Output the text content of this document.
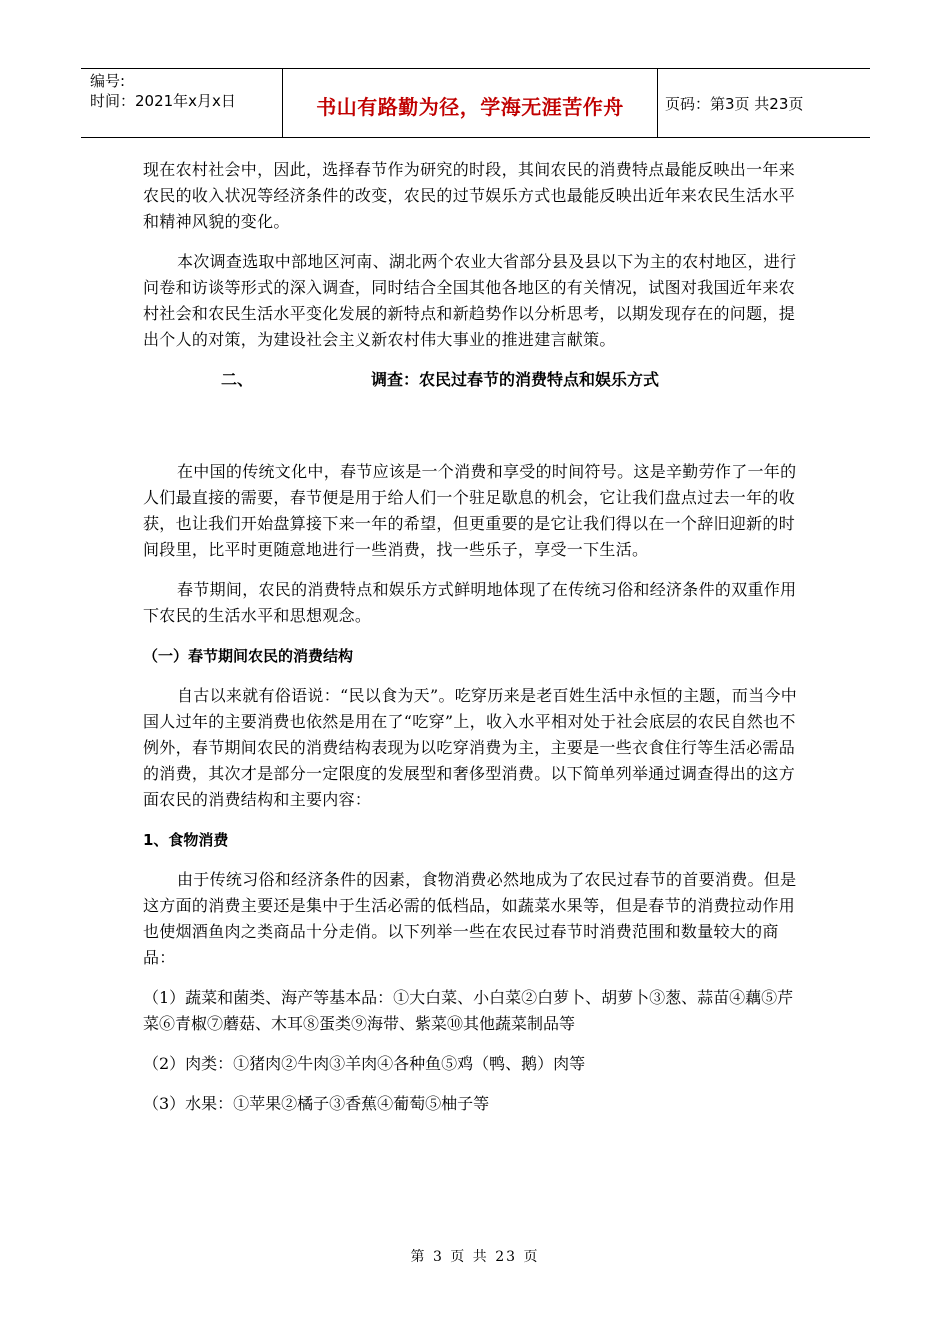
编号:
时间：2021年x月x日	书山有路勤为径，学海无涯苦作舟	页码：第3页 共23页

现在农村社会中，因此，选择春节作为研究的时段，其间农民的消费特点最能反映出一年来农民的收入状况等经济条件的改变，农民的过节娱乐方式也最能反映出近年来农民生活水平和精神风貌的变化。

本次调查选取中部地区河南、湖北两个农业大省部分县及县以下为主的农村地区，进行问卷和访谈等形式的深入调查，同时结合全国其他各地区的有关情况，试图对我国近年来农村社会和农民生活水平变化发展的新特点和新趋势作以分析思考，以期发现存在的问题，提出个人的对策，为建设社会主义新农村伟大事业的推进建言献策。

二、	调查：农民过春节的消费特点和娱乐方式

在中国的传统文化中，春节应该是一个消费和享受的时间符号。这是辛勤劳作了一年的人们最直接的需要，春节便是用于给人们一个驻足歇息的机会，它让我们盘点过去一年的收获，也让我们开始盘算接下来一年的希望，但更重要的是它让我们得以在一个辞旧迎新的时间段里，比平时更随意地进行一些消费，找一些乐子，享受一下生活。

春节期间，农民的消费特点和娱乐方式鲜明地体现了在传统习俗和经济条件的双重作用下农民的生活水平和思想观念。

（一）春节期间农民的消费结构

自古以来就有俗语说：“民以食为天”。吃穿历来是老百姓生活中永恒的主题，而当今中国人过年的主要消费也依然是用在了“吃穿”上，收入水平相对处于社会底层的农民自然也不例外，春节期间农民的消费结构表现为以吃穿消费为主，主要是一些衣食住行等生活必需品的消费，其次才是部分一定限度的发展型和奢侈型消费。以下简单列举通过调查得出的这方面农民的消费结构和主要内容：

1、食物消费

由于传统习俗和经济条件的因素，食物消费必然地成为了农民过春节的首要消费。但是这方面的消费主要还是集中于生活必需的低档品，如蔬菜水果等，但是春节的消费拉动作用也使烟酒鱼肉之类商品十分走俏。以下列举一些在农民过春节时消费范围和数量较大的商品：

（1）蔬菜和菌类、海产等基本品：①大白菜、小白菜②白萝卜、胡萝卜③葱、蒜苗④藕⑤芹菜⑥青椒⑦蘑菇、木耳⑧蛋类⑨海带、紫菜⑩其他蔬菜制品等

（2）肉类：①猪肉②牛肉③羊肉④各种鱼⑤鸡（鸭、鹅）肉等

（3）水果：①苹果②橘子③香蕉④葡萄⑤柚子等

第 3 页 共 23 页
